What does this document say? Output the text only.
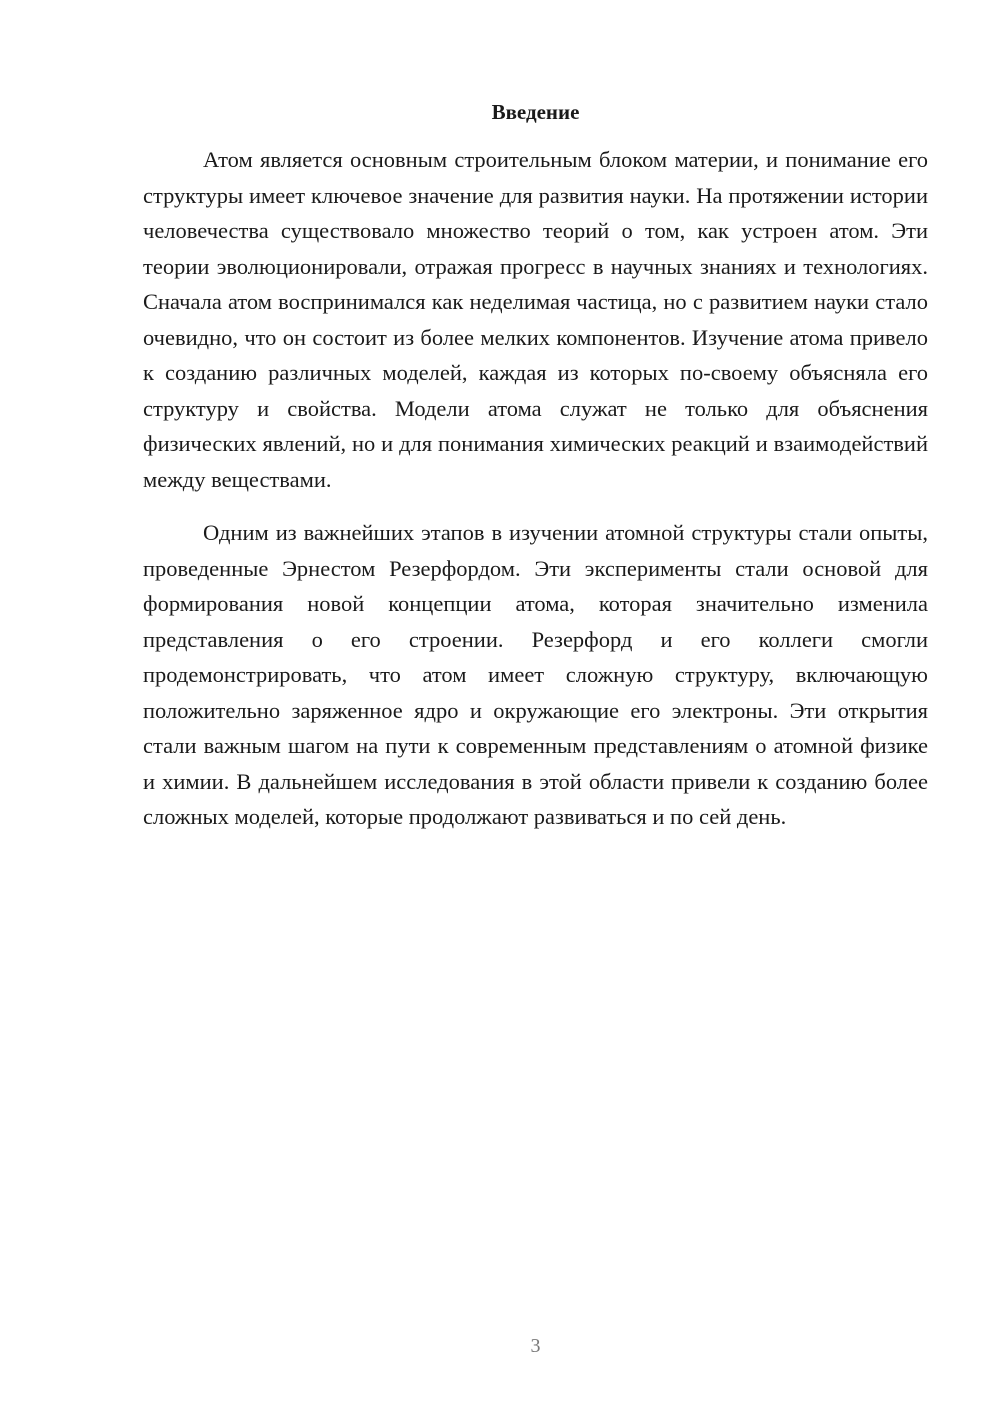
Введение

Атом является основным строительным блоком материи, и понимание его структуры имеет ключевое значение для развития науки. На протяжении истории человечества существовало множество теорий о том, как устроен атом. Эти теории эволюционировали, отражая прогресс в научных знаниях и технологиях. Сначала атом воспринимался как неделимая частица, но с развитием науки стало очевидно, что он состоит из более мелких компонентов. Изучение атома привело к созданию различных моделей, каждая из которых по-своему объясняла его структуру и свойства. Модели атома служат не только для объяснения физических явлений, но и для понимания химических реакций и взаимодействий между веществами.

Одним из важнейших этапов в изучении атомной структуры стали опыты, проведенные Эрнестом Резерфордом. Эти эксперименты стали основой для формирования новой концепции атома, которая значительно изменила представления о его строении. Резерфорд и его коллеги смогли продемонстрировать, что атом имеет сложную структуру, включающую положительно заряженное ядро и окружающие его электроны. Эти открытия стали важным шагом на пути к современным представлениям о атомной физике и химии. В дальнейшем исследования в этой области привели к созданию более сложных моделей, которые продолжают развиваться и по сей день.

3
